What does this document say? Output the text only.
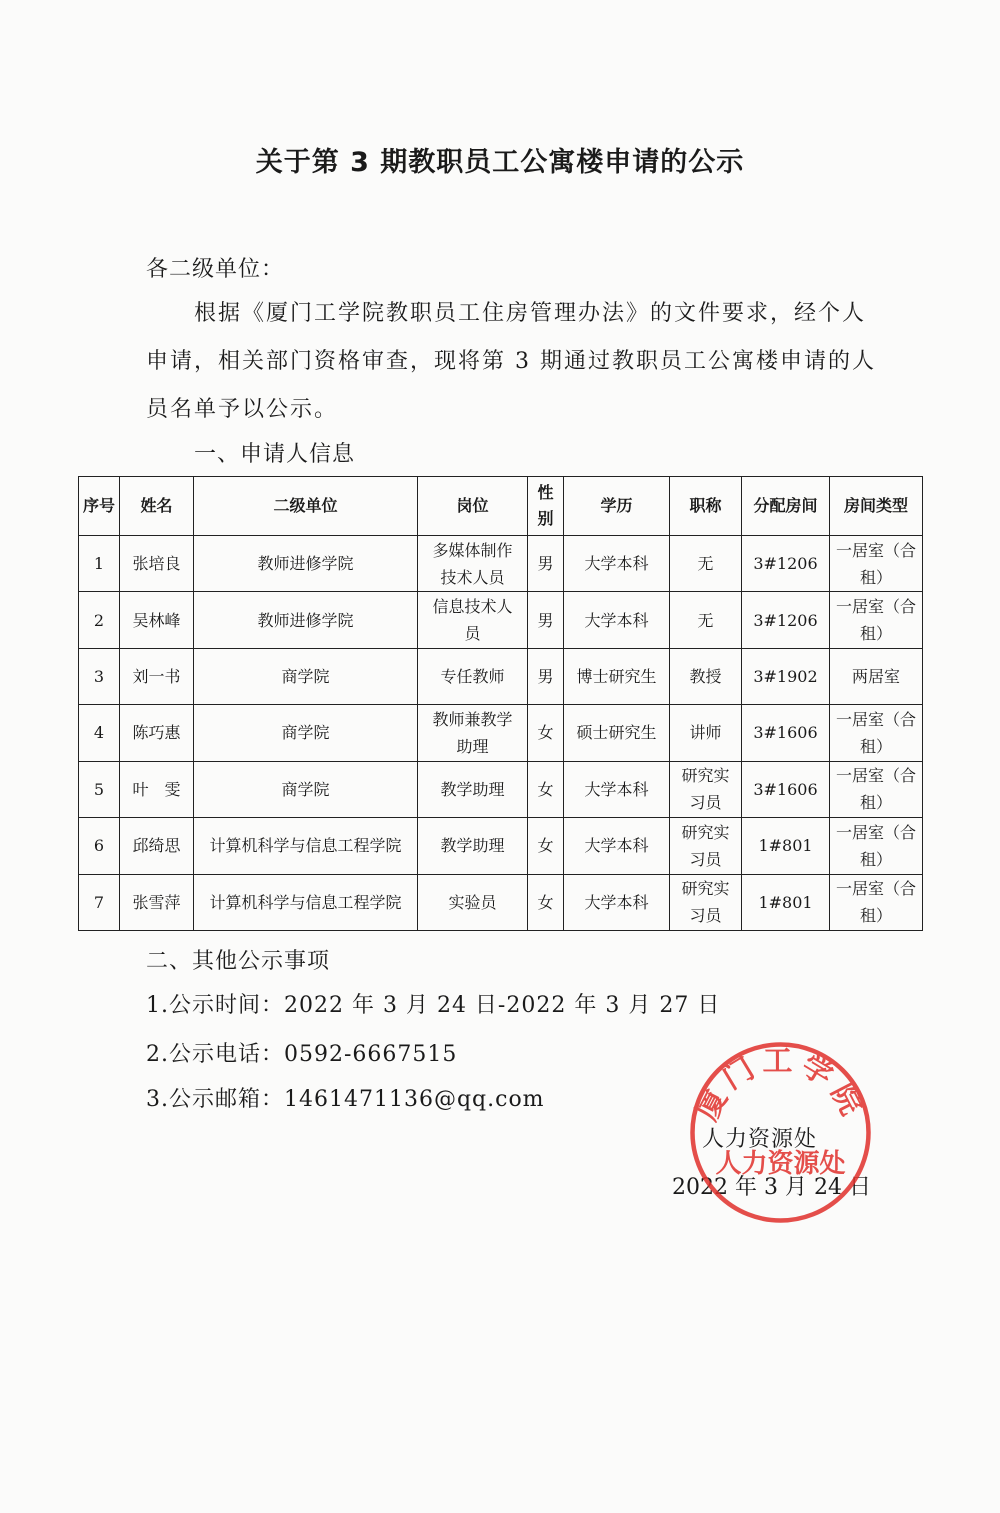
关于第 3 期教职员工公寓楼申请的公示
各二级单位：
根据《厦门工学院教职员工住房管理办法》的文件要求，经个人
申请，相关部门资格审查，现将第 3 期通过教职员工公寓楼申请的人
员名单予以公示。
一、申请人信息
序号	姓名	二级单位	岗位	性别	学历	职称	分配房间	房间类型
1	张培良	教师进修学院	多媒体制作技术人员	男	大学本科	无	3#1206	一居室（合租）
2	吴林峰	教师进修学院	信息技术人员	男	大学本科	无	3#1206	一居室（合租）
3	刘一书	商学院	专任教师	男	博士研究生	教授	3#1902	两居室
4	陈巧惠	商学院	教师兼教学助理	女	硕士研究生	讲师	3#1606	一居室（合租）
5	叶　雯	商学院	教学助理	女	大学本科	研究实习员	3#1606	一居室（合租）
6	邱绮思	计算机科学与信息工程学院	教学助理	女	大学本科	研究实习员	1#801	一居室（合租）
7	张雪萍	计算机科学与信息工程学院	实验员	女	大学本科	研究实习员	1#801	一居室（合租）
二、其他公示事项
1.公示时间：2022 年 3 月 24 日-2022 年 3 月 27 日
2.公示电话：0592-6667515
3.公示邮箱：1461471136@qq.com
人力资源处
2022 年 3 月 24 日
厦门工学院
人力资源处
